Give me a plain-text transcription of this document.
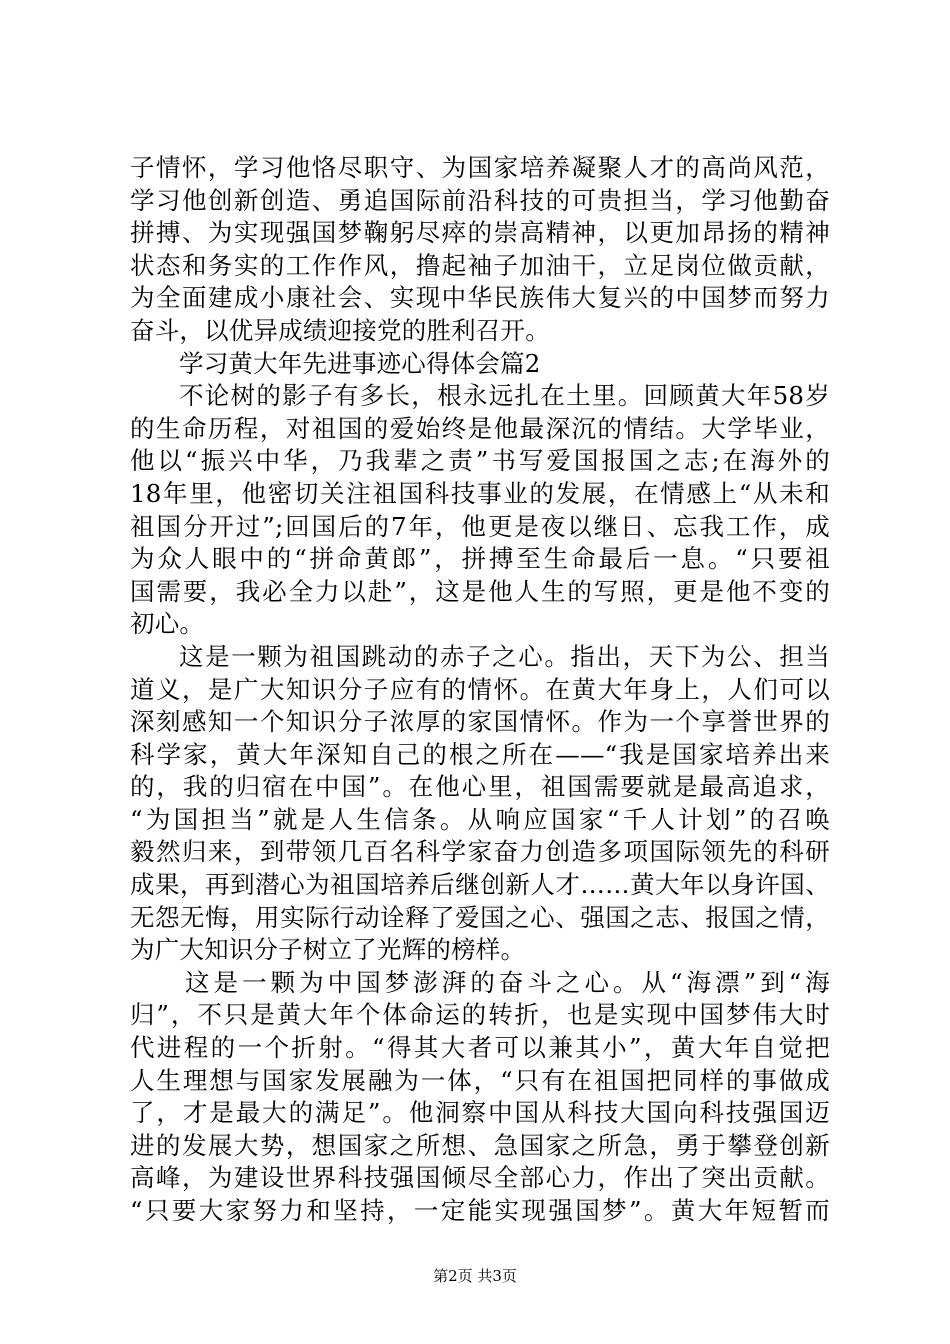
子情怀，学习他恪尽职守、为国家培养凝聚人才的高尚风范，
学习他创新创造、勇追国际前沿科技的可贵担当，学习他勤奋
拼搏、为实现强国梦鞠躬尽瘁的崇高精神，以更加昂扬的精神
状态和务实的工作作风，撸起袖子加油干，立足岗位做贡献，
为全面建成小康社会、实现中华民族伟大复兴的中国梦而努力
奋斗，以优异成绩迎接党的胜利召开。
学习黄大年先进事迹心得体会篇2
不论树的影子有多长，根永远扎在土里。回顾黄大年58岁
的生命历程，对祖国的爱始终是他最深沉的情结。大学毕业，
他以“振兴中华，乃我辈之责”书写爱国报国之志;在海外的
18年里，他密切关注祖国科技事业的发展，在情感上“从未和
祖国分开过”;回国后的7年，他更是夜以继日、忘我工作，成
为众人眼中的“拼命黄郎”，拼搏至生命最后一息。“只要祖
国需要，我必全力以赴”，这是他人生的写照，更是他不变的
初心。
这是一颗为祖国跳动的赤子之心。指出，天下为公、担当
道义，是广大知识分子应有的情怀。在黄大年身上，人们可以
深刻感知一个知识分子浓厚的家国情怀。作为一个享誉世界的
科学家，黄大年深知自己的根之所在——“我是国家培养出来
的，我的归宿在中国”。在他心里，祖国需要就是最高追求，
“为国担当”就是人生信条。从响应国家“千人计划”的召唤
毅然归来，到带领几百名科学家奋力创造多项国际领先的科研
成果，再到潜心为祖国培养后继创新人才……黄大年以身许国、
无怨无悔，用实际行动诠释了爱国之心、强国之志、报国之情，
为广大知识分子树立了光辉的榜样。
这是一颗为中国梦澎湃的奋斗之心。从“海漂”到“海
归”，不只是黄大年个体命运的转折，也是实现中国梦伟大时
代进程的一个折射。“得其大者可以兼其小”，黄大年自觉把
人生理想与国家发展融为一体，“只有在祖国把同样的事做成
了，才是最大的满足”。他洞察中国从科技大国向科技强国迈
进的发展大势，想国家之所想、急国家之所急，勇于攀登创新
高峰，为建设世界科技强国倾尽全部心力，作出了突出贡献。
“只要大家努力和坚持，一定能实现强国梦”。黄大年短暂而
第2页 共3页
